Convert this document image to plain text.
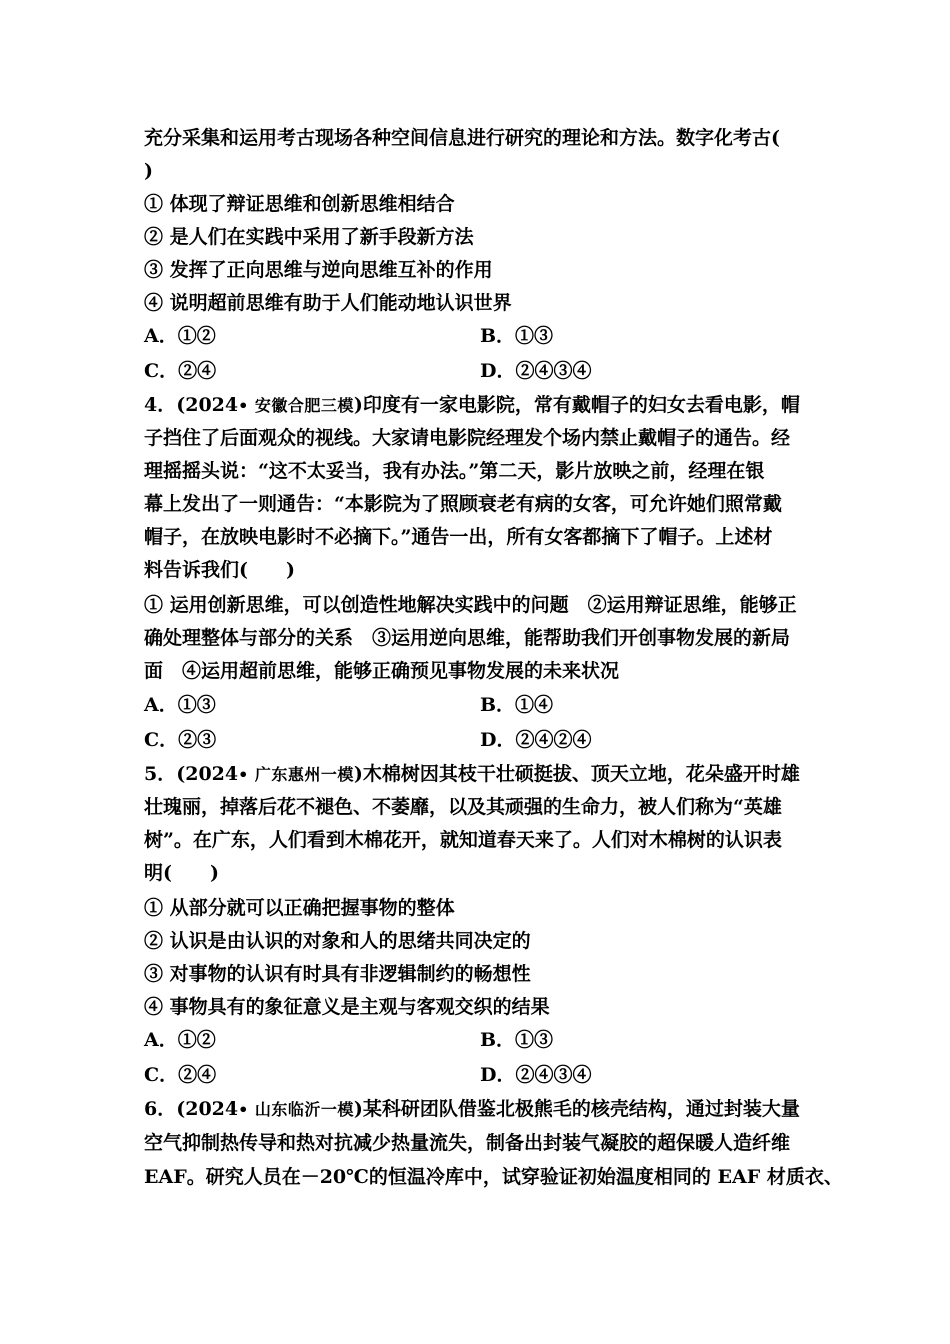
充分采集和运用考古现场各种空间信息进行研究的理论和方法。数字化考古(
)
① 体现了辩证思维和创新思维相结合
② 是人们在实践中采用了新手段新方法
③ 发挥了正向思维与逆向思维互补的作用
④ 说明超前思维有助于人们能动地认识世界
A．①②	B．①③
C．②④	D．②④③④
4．(2024• 安徽合肥三模)印度有一家电影院，常有戴帽子的妇女去看电影，帽
子挡住了后面观众的视线。大家请电影院经理发个场内禁止戴帽子的通告。经
理摇摇头说：“这不太妥当，我有办法。”第二天，影片放映之前，经理在银
幕上发出了一则通告：“本影院为了照顾衰老有病的女客，可允许她们照常戴
帽子，在放映电影时不必摘下。”通告一出，所有女客都摘下了帽子。上述材
料告诉我们(　　)
① 运用创新思维，可以创造性地解决实践中的问题　②运用辩证思维，能够正
确处理整体与部分的关系　③运用逆向思维，能帮助我们开创事物发展的新局
面　④运用超前思维，能够正确预见事物发展的未来状况
A．①③	B．①④
C．②③	D．②④②④
5．(2024• 广东惠州一模)木棉树因其枝干壮硕挺拔、顶天立地，花朵盛开时雄
壮瑰丽，掉落后花不褪色、不萎靡，以及其顽强的生命力，被人们称为“英雄
树”。在广东，人们看到木棉花开，就知道春天来了。人们对木棉树的认识表
明(　　)
① 从部分就可以正确把握事物的整体
② 认识是由认识的对象和人的思绪共同决定的
③ 对事物的认识有时具有非逻辑制约的畅想性
④ 事物具有的象征意义是主观与客观交织的结果
A．①②	B．①③
C．②④	D．②④③④
6．(2024• 山东临沂一模)某科研团队借鉴北极熊毛的核壳结构，通过封装大量
空气抑制热传导和热对抗减少热量流失，制备出封装气凝胶的超保暖人造纤维
EAF。研究人员在－20℃的恒温冷库中，试穿验证初始温度相同的 EAF 材质衣、
